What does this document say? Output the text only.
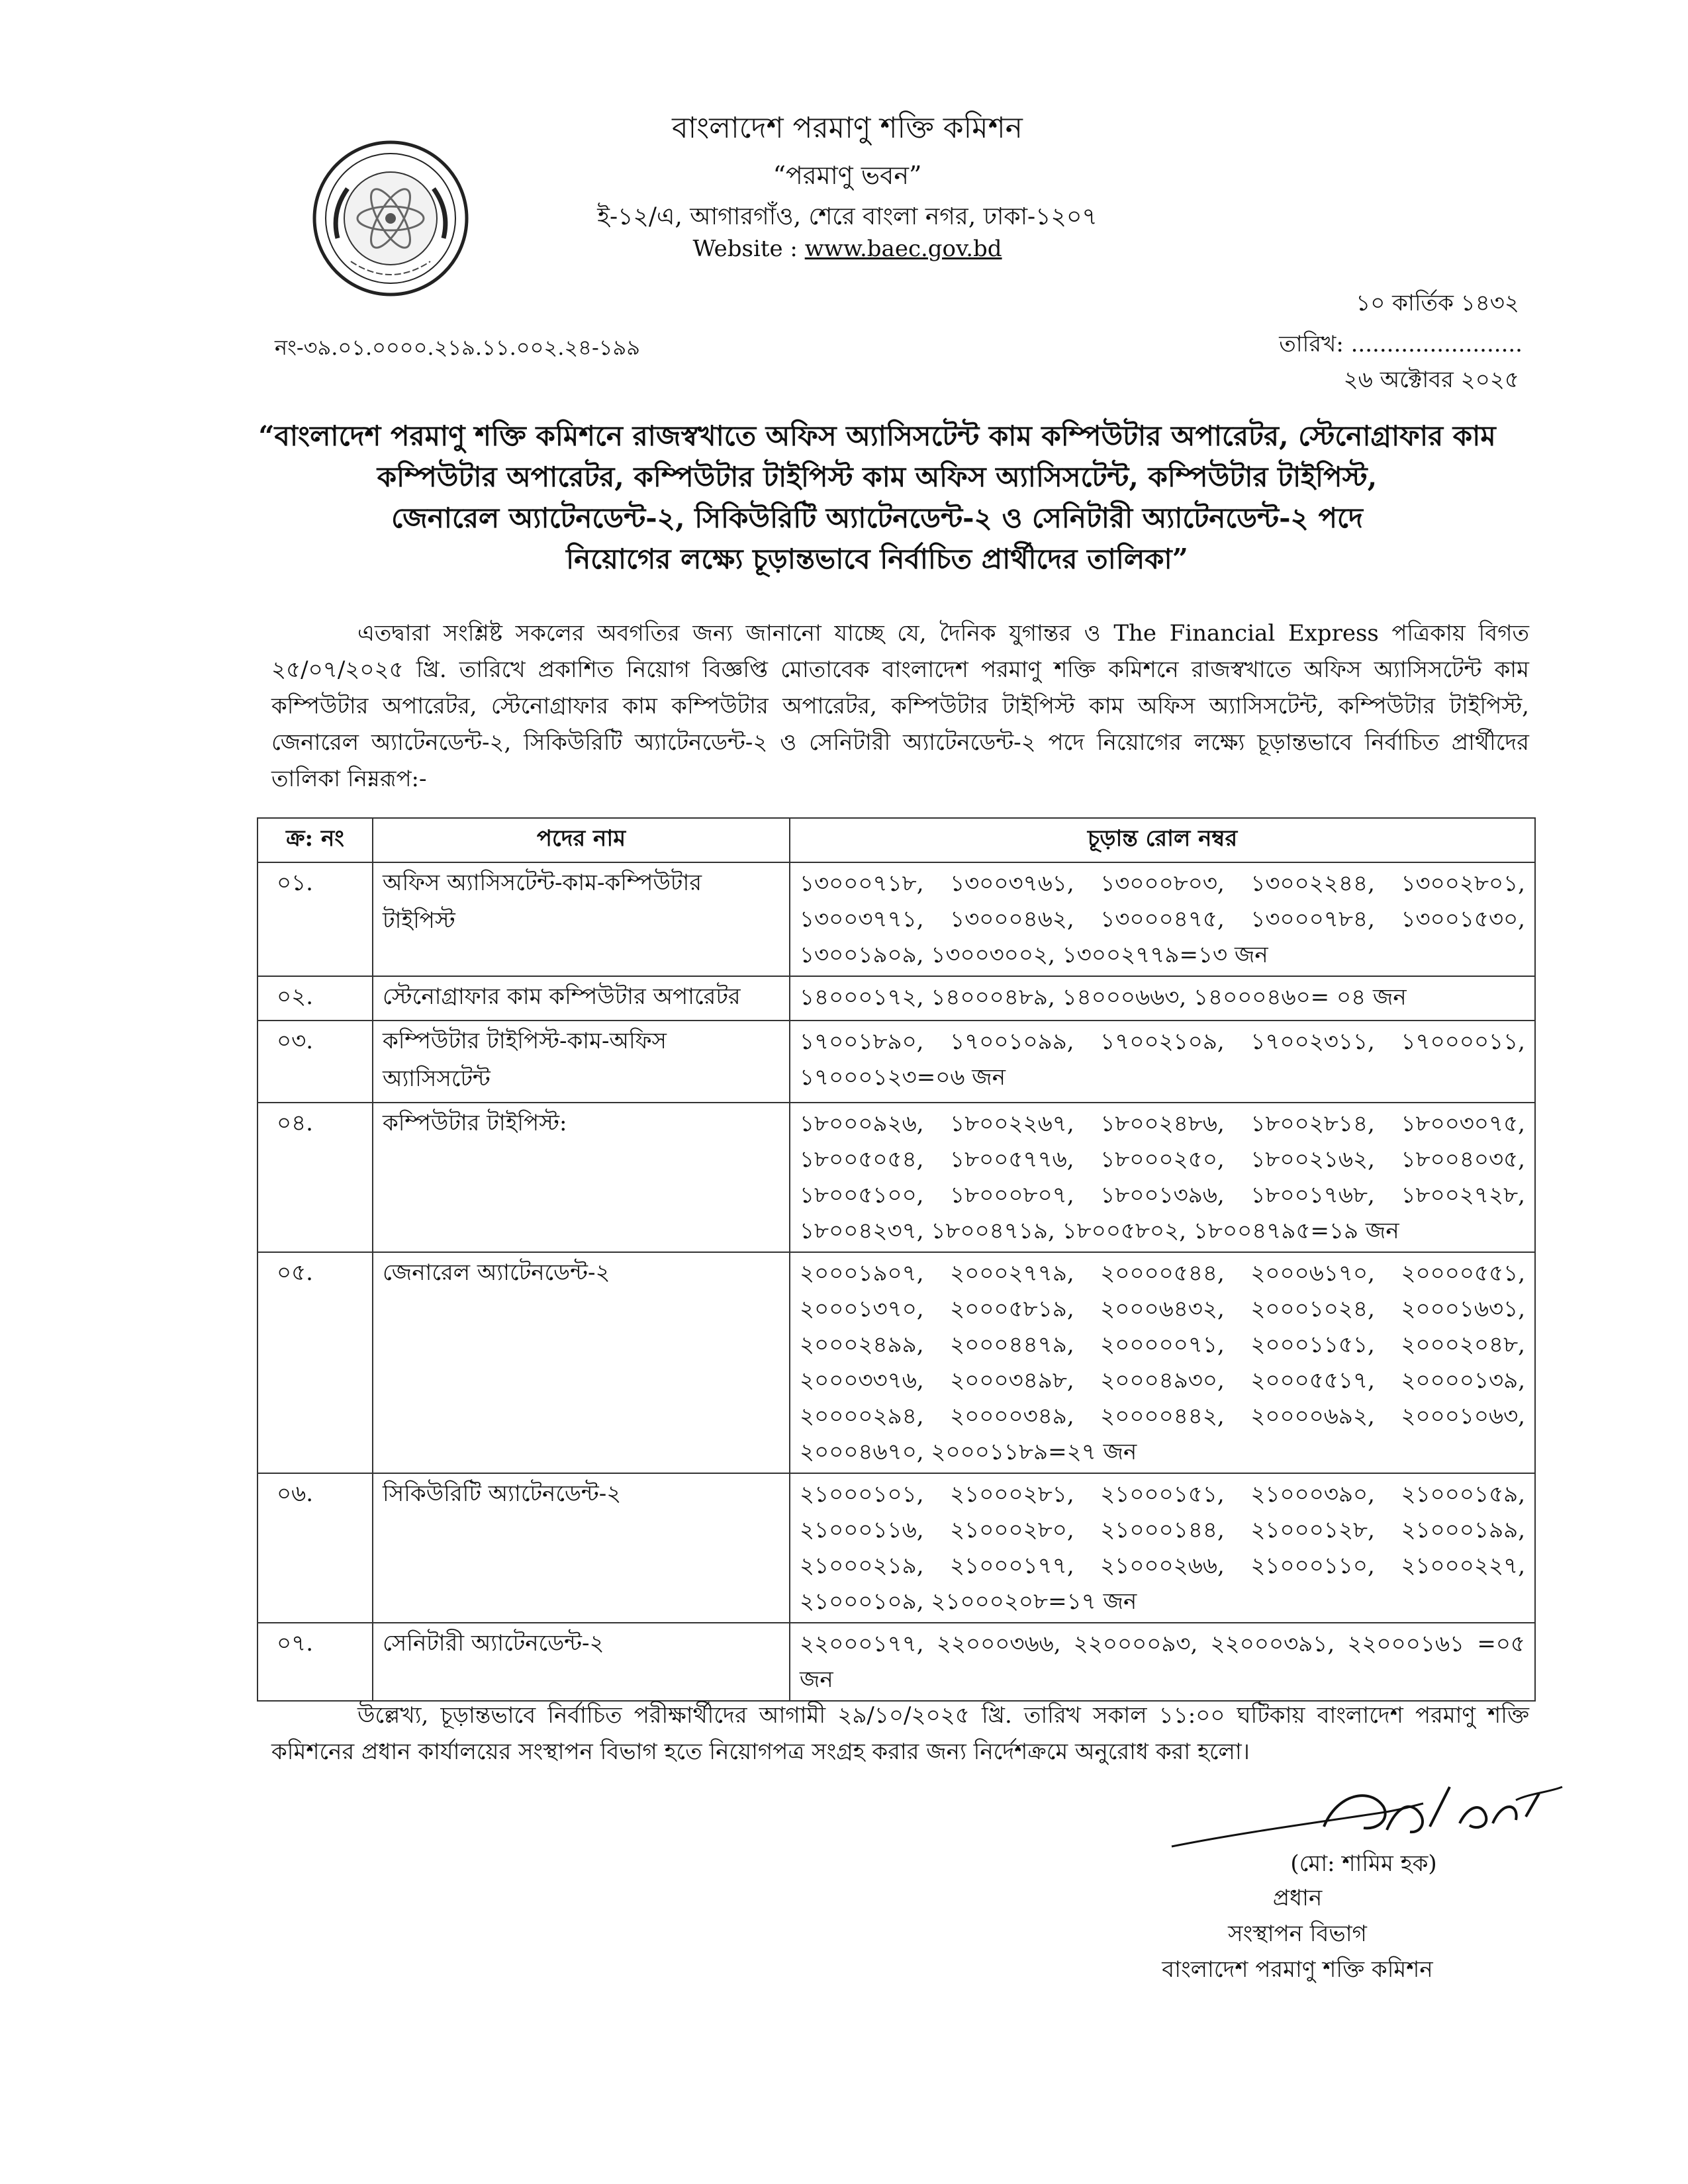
বাংলাদেশ পরমাণু শক্তি কমিশন
“পরমাণু ভবন”
ই-১২/এ, আগারগাঁও, শেরে বাংলা নগর, ঢাকা-১২০৭
Website : www.baec.gov.bd
১০ কার্তিক ১৪৩২
নং-৩৯.০১.০০০০.২১৯.১১.০০২.২৪-১৯৯	তারিখ: ........................
২৬ অক্টোবর ২০২৫
“বাংলাদেশ পরমাণু শক্তি কমিশনে রাজস্বখাতে অফিস অ্যাসিসটেন্ট কাম কম্পিউটার অপারেটর, স্টেনোগ্রাফার কাম
কম্পিউটার অপারেটর, কম্পিউটার টাইপিস্ট কাম অফিস অ্যাসিসটেন্ট, কম্পিউটার টাইপিস্ট,
জেনারেল অ্যাটেনডেন্ট-২, সিকিউরিটি অ্যাটেনডেন্ট-২ ও সেনিটারী অ্যাটেনডেন্ট-২ পদে
নিয়োগের লক্ষ্যে চূড়ান্তভাবে নির্বাচিত প্রার্থীদের তালিকা”

এতদ্বারা সংশ্লিষ্ট সকলের অবগতির জন্য জানানো যাচ্ছে যে, দৈনিক যুগান্তর ও The Financial Express পত্রিকায় বিগত ২৫/০৭/২০২৫ খ্রি. তারিখে প্রকাশিত নিয়োগ বিজ্ঞপ্তি মোতাবেক বাংলাদেশ পরমাণু শক্তি কমিশনে রাজস্বখাতে অফিস অ্যাসিসটেন্ট কাম কম্পিউটার অপারেটর, স্টেনোগ্রাফার কাম কম্পিউটার অপারেটর, কম্পিউটার টাইপিস্ট কাম অফিস অ্যাসিসটেন্ট, কম্পিউটার টাইপিস্ট, জেনারেল অ্যাটেনডেন্ট-২, সিকিউরিটি অ্যাটেনডেন্ট-২ ও সেনিটারী অ্যাটেনডেন্ট-২ পদে নিয়োগের লক্ষ্যে চূড়ান্তভাবে নির্বাচিত প্রার্থীদের তালিকা নিম্নরূপ:-

ক্র: নং	পদের নাম	চূড়ান্ত রোল নম্বর
০১.	অফিস অ্যাসিসটেন্ট-কাম-কম্পিউটার টাইপিস্ট	১৩০০০৭১৮, ১৩০০৩৭৬১, ১৩০০০৮০৩, ১৩০০২২৪৪, ১৩০০২৮০১, ১৩০০৩৭৭১, ১৩০০০৪৬২, ১৩০০০৪৭৫, ১৩০০০৭৮৪, ১৩০০১৫৩০, ১৩০০১৯০৯, ১৩০০৩০০২, ১৩০০২৭৭৯=১৩ জন
০২.	স্টেনোগ্রাফার কাম কম্পিউটার অপারেটর	১৪০০০১৭২, ১৪০০০৪৮৯, ১৪০০০৬৬৩, ১৪০০০৪৬০= ০৪ জন
০৩.	কম্পিউটার টাইপিস্ট-কাম-অফিস অ্যাসিসটেন্ট	১৭০০১৮৯০, ১৭০০১০৯৯, ১৭০০২১০৯, ১৭০০২৩১১, ১৭০০০০১১, ১৭০০০১২৩=০৬ জন
০৪.	কম্পিউটার টাইপিস্ট:	১৮০০০৯২৬, ১৮০০২২৬৭, ১৮০০২৪৮৬, ১৮০০২৮১৪, ১৮০০৩০৭৫, ১৮০০৫০৫৪, ১৮০০৫৭৭৬, ১৮০০০২৫০, ১৮০০২১৬২, ১৮০০৪০৩৫, ১৮০০৫১০০, ১৮০০০৮০৭, ১৮০০১৩৯৬, ১৮০০১৭৬৮, ১৮০০২৭২৮, ১৮০০৪২৩৭, ১৮০০৪৭১৯, ১৮০০৫৮০২, ১৮০০৪৭৯৫=১৯ জন
০৫.	জেনারেল অ্যাটেনডেন্ট-২	২০০০১৯০৭, ২০০০২৭৭৯, ২০০০০৫৪৪, ২০০০৬১৭০, ২০০০০৫৫১, ২০০০১৩৭০, ২০০০৫৮১৯, ২০০০৬৪৩২, ২০০০১০২৪, ২০০০১৬৩১, ২০০০২৪৯৯, ২০০০৪৪৭৯, ২০০০০০৭১, ২০০০১১৫১, ২০০০২০৪৮, ২০০০৩৩৭৬, ২০০০৩৪৯৮, ২০০০৪৯৩০, ২০০০৫৫১৭, ২০০০০১৩৯, ২০০০০২৯৪, ২০০০০৩৪৯, ২০০০০৪৪২, ২০০০০৬৯২, ২০০০১০৬৩, ২০০০৪৬৭০, ২০০০১১৮৯=২৭ জন
০৬.	সিকিউরিটি অ্যাটেনডেন্ট-২	২১০০০১০১, ২১০০০২৮১, ২১০০০১৫১, ২১০০০৩৯০, ২১০০০১৫৯, ২১০০০১১৬, ২১০০০২৮০, ২১০০০১৪৪, ২১০০০১২৮, ২১০০০১৯৯, ২১০০০২১৯, ২১০০০১৭৭, ২১০০০২৬৬, ২১০০০১১০, ২১০০০২২৭, ২১০০০১০৯, ২১০০০২০৮=১৭ জন
০৭.	সেনিটারী অ্যাটেনডেন্ট-২	২২০০০১৭৭, ২২০০০৩৬৬, ২২০০০০৯৩, ২২০০০৩৯১, ২২০০০১৬১ =০৫ জন

উল্লেখ্য, চূড়ান্তভাবে নির্বাচিত পরীক্ষার্থীদের আগামী ২৯/১০/২০২৫ খ্রি. তারিখ সকাল ১১:০০ ঘটিকায় বাংলাদেশ পরমাণু শক্তি কমিশনের প্রধান কার্যালয়ের সংস্থাপন বিভাগ হতে নিয়োগপত্র সংগ্রহ করার জন্য নির্দেশক্রমে অনুরোধ করা হলো।

(মো: শামিম হক)
প্রধান
সংস্থাপন বিভাগ
বাংলাদেশ পরমাণু শক্তি কমিশন
